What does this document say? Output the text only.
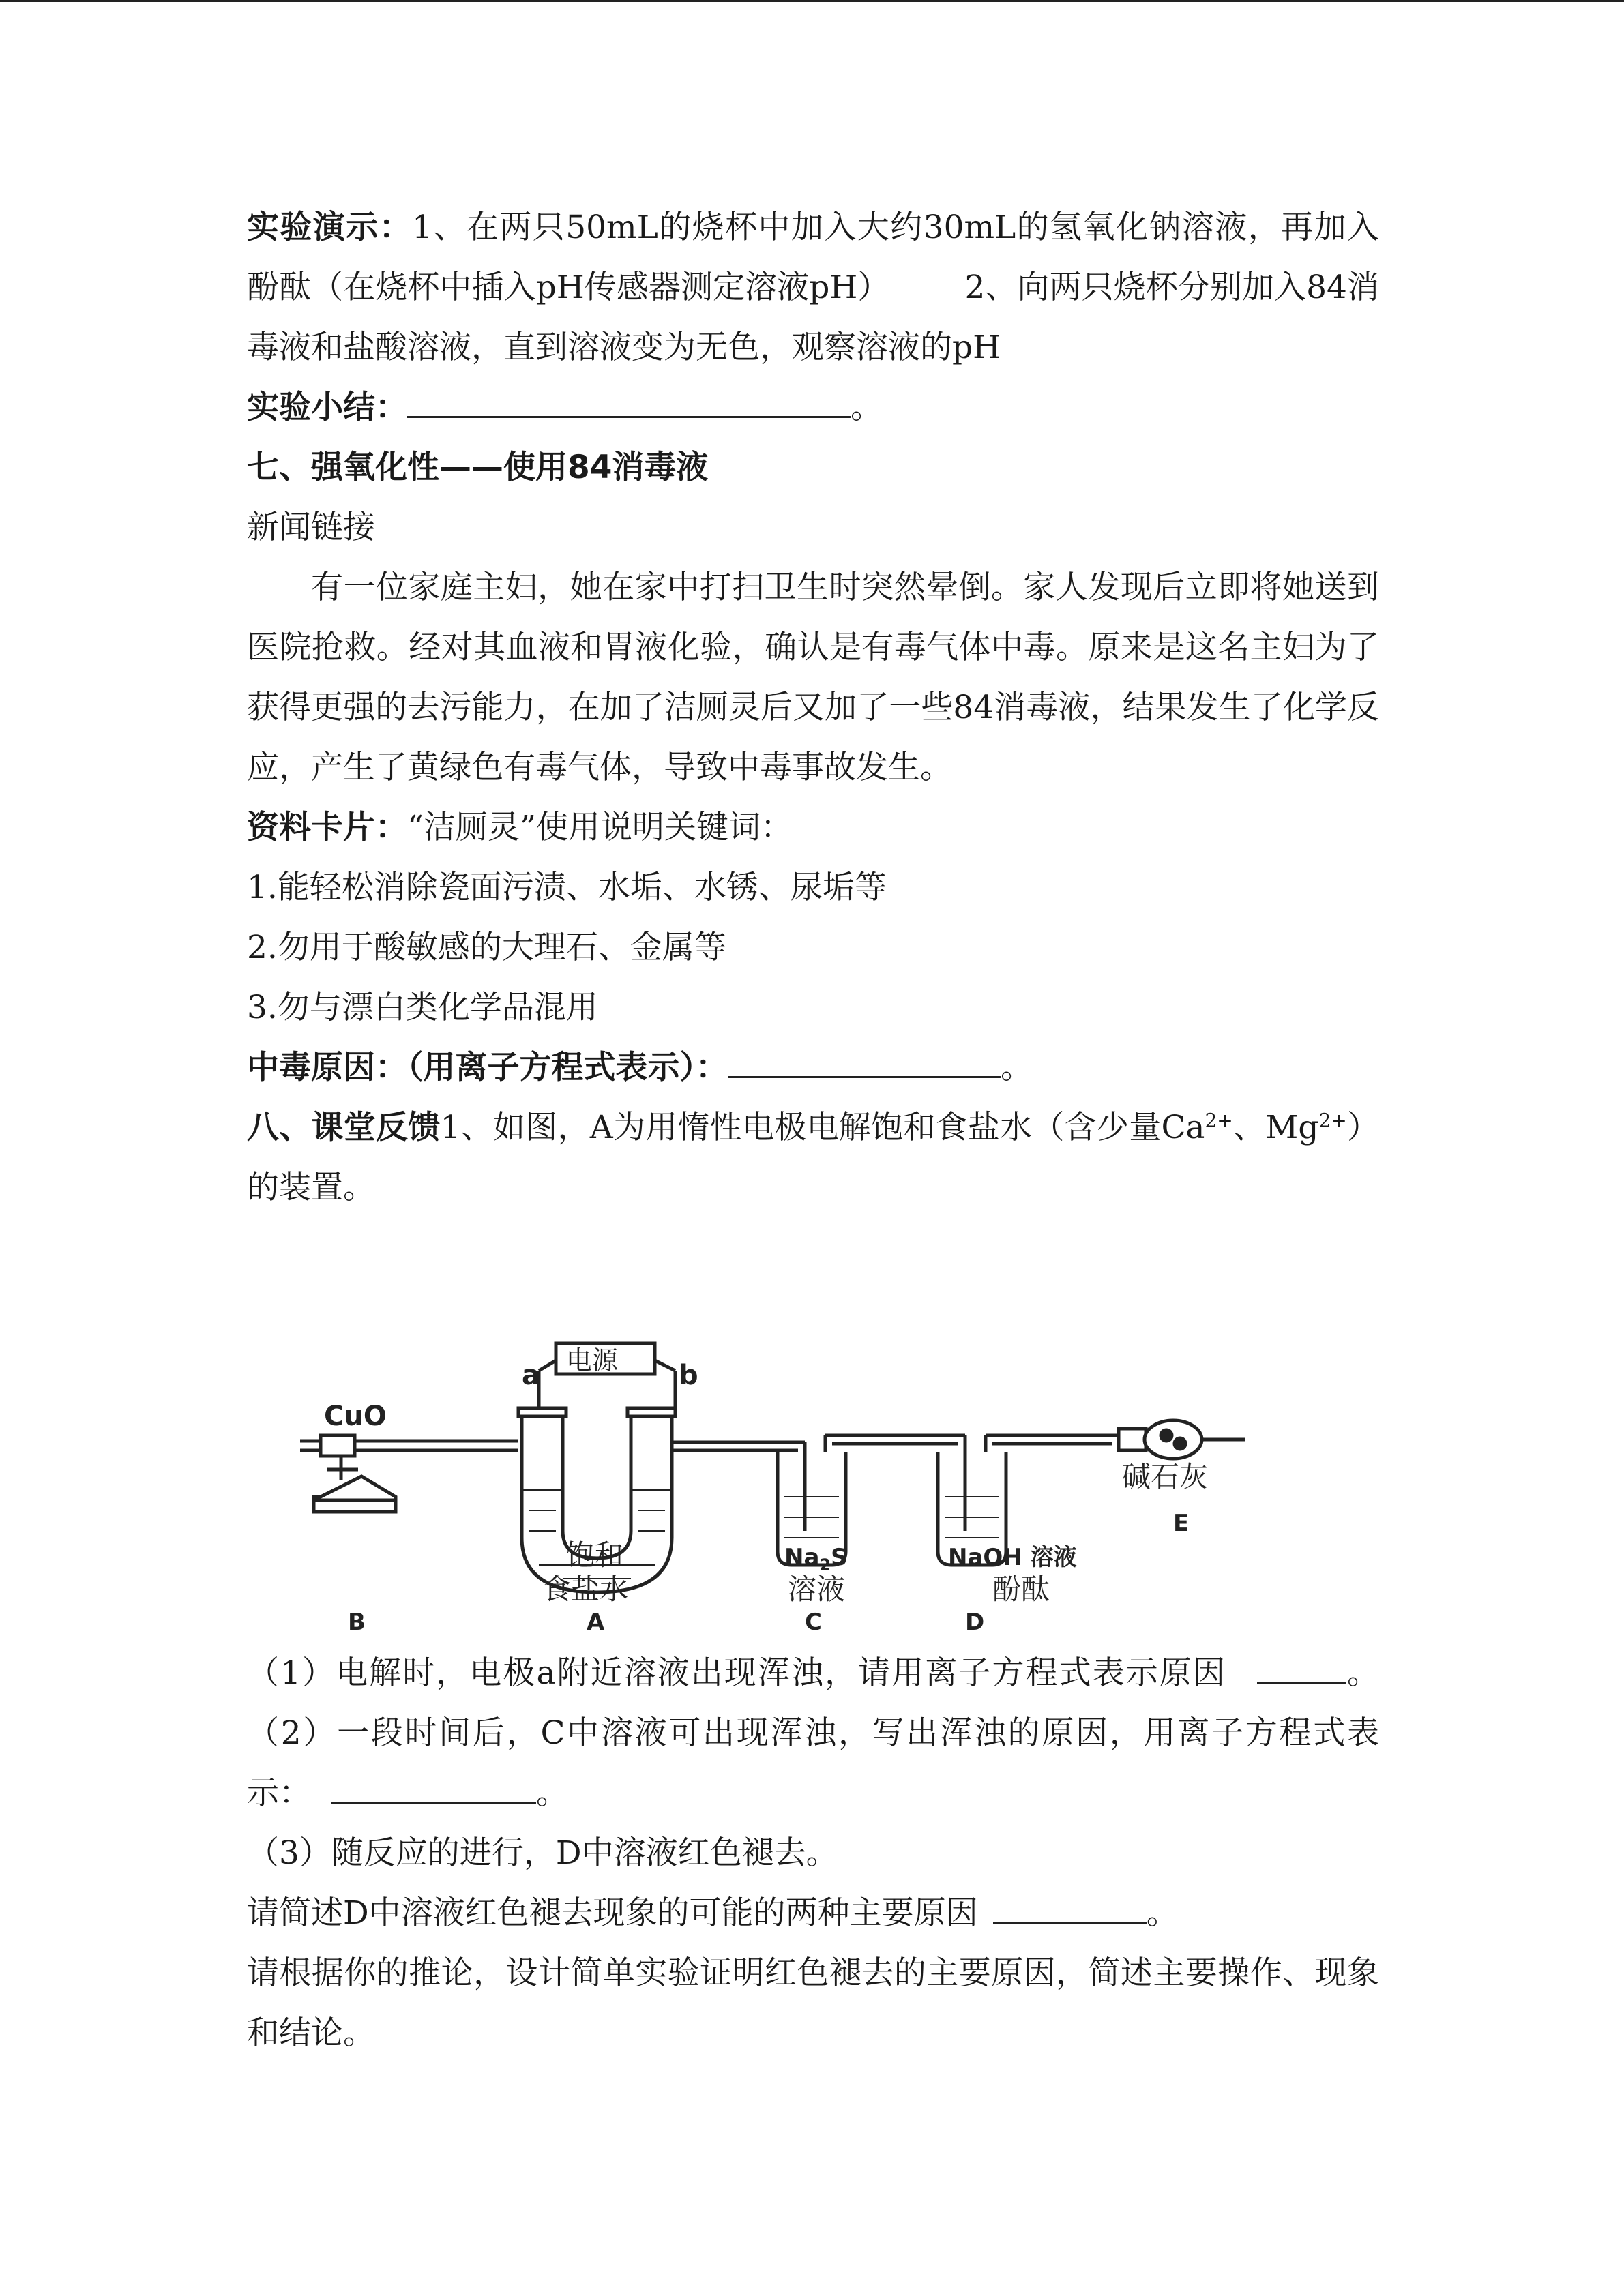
实验演示：1、在两只50mL的烧杯中加入大约30mL的氢氧化钠溶液，再加入酚酞（在烧杯中插入pH传感器测定溶液pH） 2、向两只烧杯分别加入84消毒液和盐酸溶液，直到溶液变为无色，观察溶液的pH

实验小结：	。

七、强氧化性——使用84消毒液

新闻链接

有一位家庭主妇，她在家中打扫卫生时突然晕倒。家人发现后立即将她送到医院抢救。经对其血液和胃液化验，确认是有毒气体中毒。原来是这名主妇为了获得更强的去污能力，在加了洁厕灵后又加了一些84消毒液，结果发生了化学反应，产生了黄绿色有毒气体，导致中毒事故发生。

资料卡片：“洁厕灵”使用说明关键词：

1.能轻松消除瓷面污渍、水垢、水锈、尿垢等

2.勿用于酸敏感的大理石、金属等

3.勿与漂白类化学品混用

中毒原因：（用离子方程式表示）：	。

八、课堂反馈1、如图，A为用惰性电极电解饱和食盐水（含少量$Ca^{2+}$、$Mg^{2+}$）的装置。

电源
a	b
CuO
碱石灰
E
饱和
食盐水
$Na_2S$
溶液
NaOH 溶液
酚酞
B	A	C	D

（1）电解时，电极a附近溶液出现浑浊，请用离子方程式表示原因	。（2）一段时间后，C中溶液可出现浑浊，写出浑浊的原因，用离子方程式表示：	。

（3）随反应的进行，D中溶液红色褪去。

请简述D中溶液红色褪去现象的可能的两种主要原因	。

请根据你的推论，设计简单实验证明红色褪去的主要原因，简述主要操作、现象和结论。
